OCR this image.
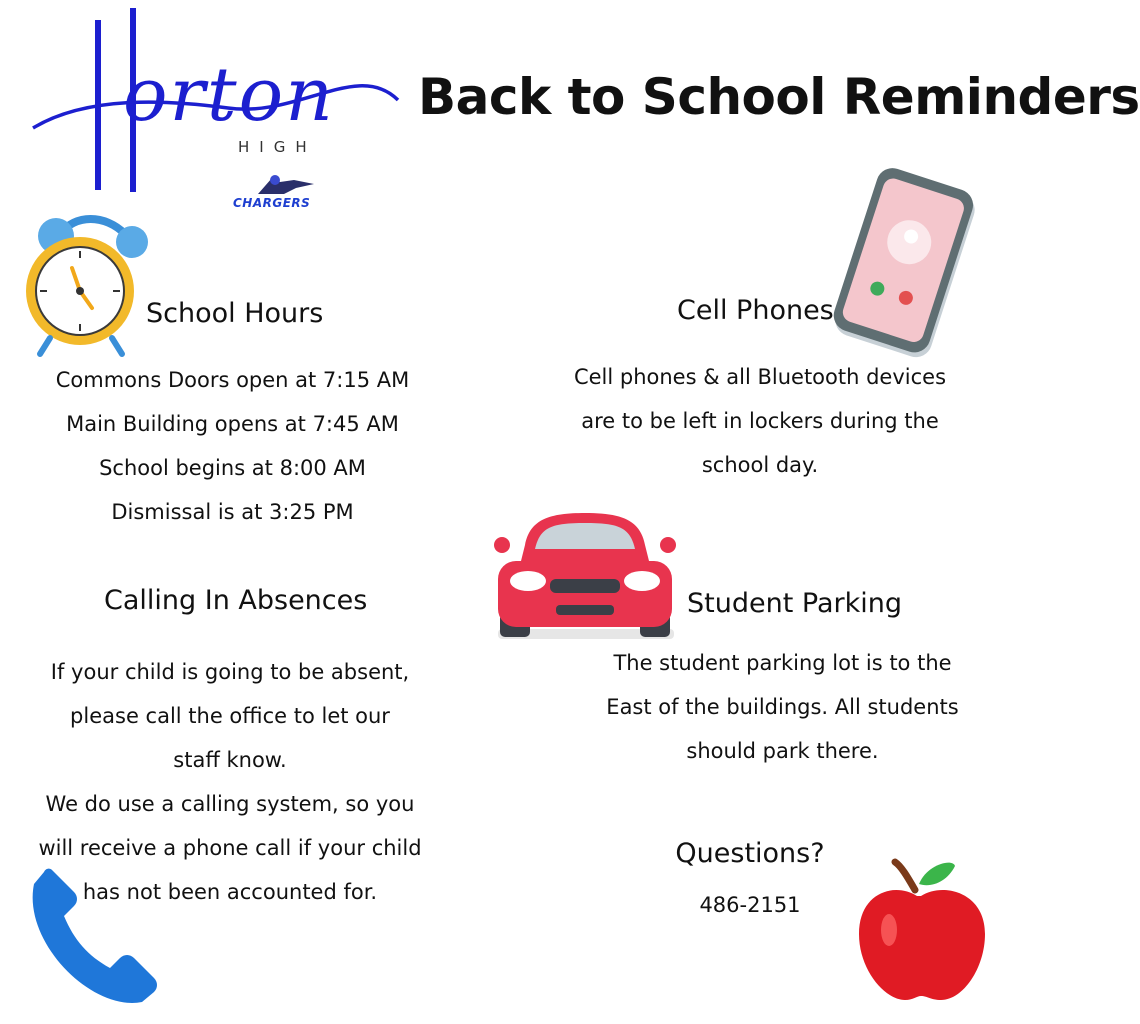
orton
HIGH
CHARGERS
Back to School Reminders
School Hours
Commons Doors open at 7:15 AM
Main Building opens at 7:45 AM
School begins at 8:00 AM
Dismissal is at 3:25 PM
Cell Phones
Cell phones & all Bluetooth devices
are to be left in lockers during the
school day.
Calling In Absences
If your child is going to be absent,
please call the office to let our
staff know.
We do use a calling system, so you
will receive a phone call if your child
has not been accounted for.
Student Parking
The student parking lot is to the
East of the buildings. All students
should park there.
Questions?
486-2151
